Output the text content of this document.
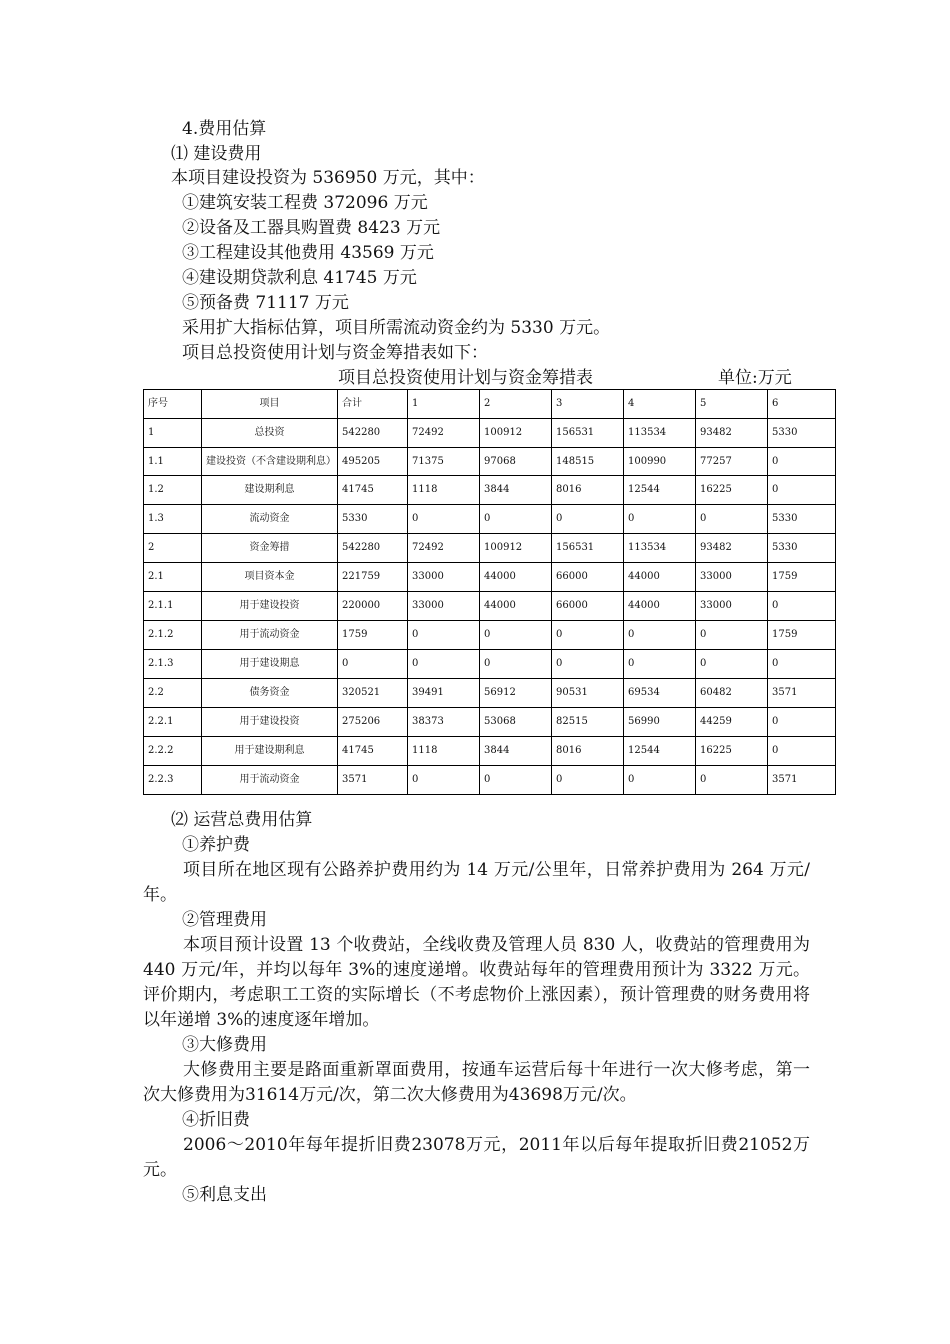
4.费用估算
⑴ 建设费用
本项目建设投资为 536950 万元，其中：
①建筑安装工程费 372096 万元
②设备及工器具购置费 8423 万元
③工程建设其他费用 43569 万元
④建设期贷款利息 41745 万元
⑤预备费 71117 万元
采用扩大指标估算，项目所需流动资金约为 5330 万元。
项目总投资使用计划与资金筹措表如下：
项目总投资使用计划与资金筹措表	单位:万元
序号	项目	合计	1	2	3	4	5	6
1	总投资	542280	72492	100912	156531	113534	93482	5330
1.1	建设投资（不含建设期利息）	495205	71375	97068	148515	100990	77257	0
1.2	建设期利息	41745	1118	3844	8016	12544	16225	0
1.3	流动资金	5330	0	0	0	0	0	5330
2	资金筹措	542280	72492	100912	156531	113534	93482	5330
2.1	项目资本金	221759	33000	44000	66000	44000	33000	1759
2.1.1	用于建设投资	220000	33000	44000	66000	44000	33000	0
2.1.2	用于流动资金	1759	0	0	0	0	0	1759
2.1.3	用于建设期息	0	0	0	0	0	0	0
2.2	债务资金	320521	39491	56912	90531	69534	60482	3571
2.2.1	用于建设投资	275206	38373	53068	82515	56990	44259	0
2.2.2	用于建设期利息	41745	1118	3844	8016	12544	16225	0
2.2.3	用于流动资金	3571	0	0	0	0	0	3571
⑵ 运营总费用估算
①养护费
项目所在地区现有公路养护费用约为 14 万元/公里年，日常养护费用为 264 万元/年。
②管理费用
本项目预计设置 13 个收费站，全线收费及管理人员 830 人，收费站的管理费用为 440 万元/年，并均以每年 3%的速度递增。收费站每年的管理费用预计为 3322 万元。评价期内，考虑职工工资的实际增长（不考虑物价上涨因素），预计管理费的财务费用将以年递增 3%的速度逐年增加。
③大修费用
大修费用主要是路面重新罩面费用，按通车运营后每十年进行一次大修考虑，第一次大修费用为31614万元/次，第二次大修费用为43698万元/次。
④折旧费
2006～2010年每年提折旧费23078万元，2011年以后每年提取折旧费21052万元。
⑤利息支出
